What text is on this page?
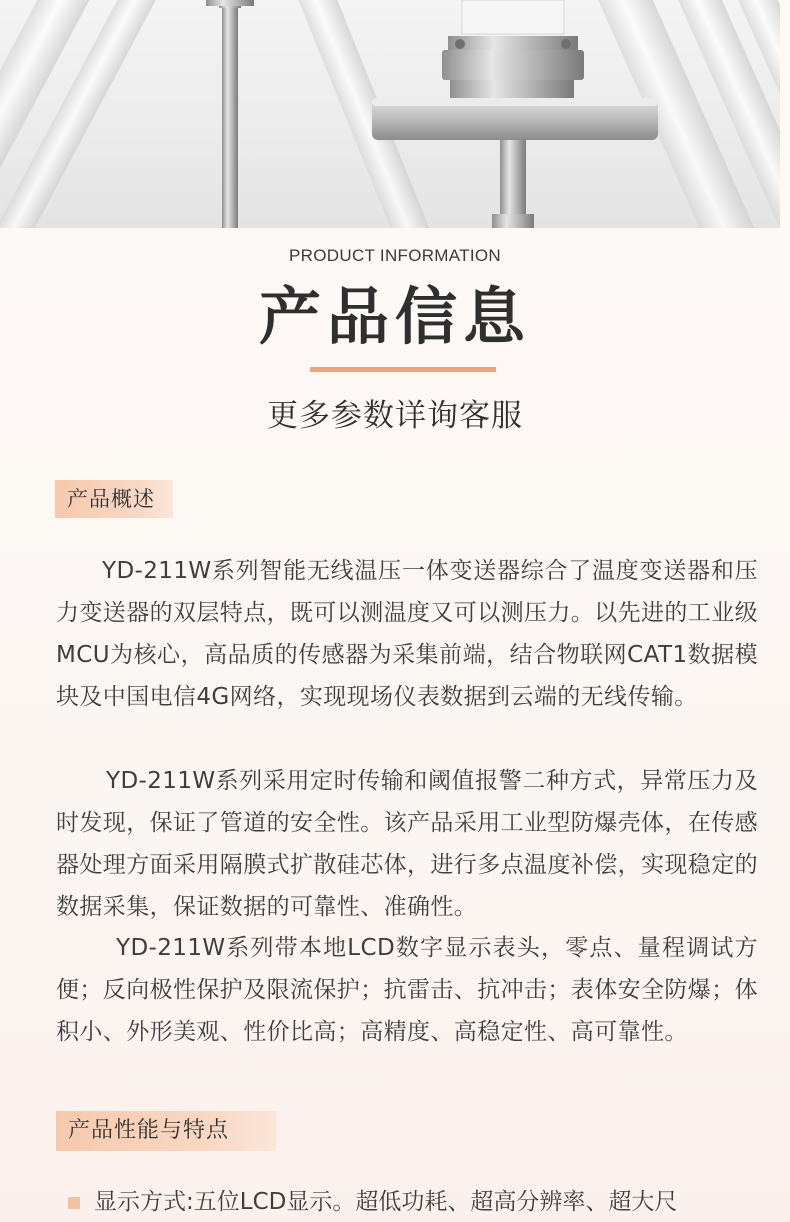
PRODUCT INFORMATION
产品信息
更多参数详询客服
产品概述

YD-211W系列智能无线温压一体变送器综合了温度变送器和压力变送器的双层特点，既可以测温度又可以测压力。以先进的工业级MCU为核心，高品质的传感器为采集前端，结合物联网CAT1数据模块及中国电信4G网络，实现现场仪表数据到云端的无线传输。

YD-211W系列采用定时传输和阈值报警二种方式，异常压力及时发现，保证了管道的安全性。该产品采用工业型防爆壳体，在传感器处理方面采用隔膜式扩散硅芯体，进行多点温度补偿，实现稳定的数据采集，保证数据的可靠性、准确性。

YD-211W系列带本地LCD数字显示表头，零点、量程调试方便；反向极性保护及限流保护；抗雷击、抗冲击；表体安全防爆；体积小、外形美观、性价比高；高精度、高稳定性、高可靠性。

产品性能与特点
显示方式:五位LCD显示。超低功耗、超高分辨率、超大尺
